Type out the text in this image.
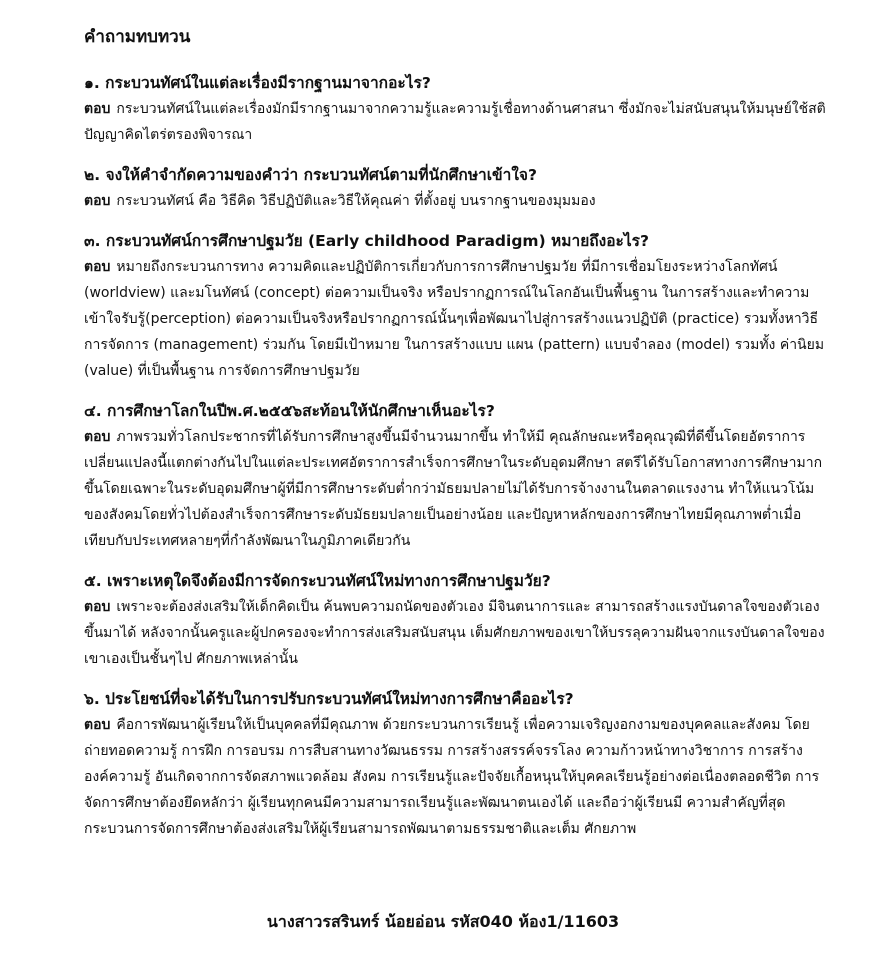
คำถามทบทวน

๑. กระบวนทัศน์ในแต่ละเรื่องมีรากฐานมาจากอะไร?

ตอบ กระบวนทัศน์ในแต่ละเรื่องมักมีรากฐานมาจากความรู้และความรู้เชื่อทางด้านศาสนา ซึ่งมักจะไม่สนับสนุนให้มนุษย์ใช้สติปัญญาคิดไตร่ตรองพิจารณา

๒. จงให้คำจำกัดความของคำว่า กระบวนทัศน์ตามที่นักศึกษาเข้าใจ?

ตอบ กระบวนทัศน์ คือ วิธีคิด วิธีปฏิบัติและวิธีให้คุณค่า ที่ตั้งอยู่ บนรากฐานของมุมมอง

๓. กระบวนทัศน์การศึกษาปฐมวัย (Early childhood Paradigm) หมายถึงอะไร?

ตอบ หมายถึงกระบวนการทาง ความคิดและปฏิบัติการเกี่ยวกับการการศึกษาปฐมวัย ที่มีการเชื่อมโยงระหว่างโลกทัศน์ (worldview) และมโนทัศน์ (concept) ต่อความเป็นจริง หรือปรากฏการณ์ในโลกอันเป็นพื้นฐาน ในการสร้างและทำความเข้าใจรับรู้(perception) ต่อความเป็นจริงหรือปรากฏการณ์นั้นๆเพื่อพัฒนาไปสู่การสร้างแนวปฏิบัติ (practice) รวมทั้งหาวิธีการจัดการ (management) ร่วมกัน โดยมีเป้าหมาย ในการสร้างแบบ แผน (pattern) แบบจำลอง (model) รวมทั้ง ค่านิยม (value) ที่เป็นพื้นฐาน การจัดการศึกษาปฐมวัย

๔. การศึกษาโลกในปีพ.ศ.๒๕๕๖สะท้อนให้นักศึกษาเห็นอะไร?

ตอบ ภาพรวมทั่วโลกประชากรที่ได้รับการศึกษาสูงขึ้นมีจำนวนมากขึ้น ทำให้มี คุณลักษณะหรือคุณวุฒิที่ดีขึ้นโดยอัตราการเปลี่ยนแปลงนี้แตกต่างกันไปในแต่ละประเทศอัตราการสำเร็จการศึกษาในระดับอุดมศึกษา สตรีได้รับโอกาสทางการศึกษามากขึ้นโดยเฉพาะในระดับอุดมศึกษาผู้ที่มีการศึกษาระดับต่ำกว่ามัธยมปลายไม่ได้รับการจ้างงานในตลาดแรงงาน ทำให้แนวโน้มของสังคมโดยทั่วไปต้องสำเร็จการศึกษาระดับมัธยมปลายเป็นอย่างน้อย และปัญหาหลักของการศึกษาไทยมีคุณภาพต่ำเมื่อเทียบกับประเทศหลายๆที่กำลังพัฒนาในภูมิภาคเดียวกัน

๕. เพราะเหตุใดจึงต้องมีการจัดกระบวนทัศน์ใหม่ทางการศึกษาปฐมวัย?

ตอบ เพราะจะต้องส่งเสริมให้เด็กคิดเป็น ค้นพบความถนัดของตัวเอง มีจินตนาการและ สามารถสร้างแรงบันดาลใจของตัวเองขึ้นมาได้ หลังจากนั้นครูและผู้ปกครองจะทำการส่งเสริมสนับสนุน เต็มศักยภาพของเขาให้บรรลุความฝันจากแรงบันดาลใจของเขาเองเป็นชั้นๆไป ศักยภาพเหล่านั้น

๖. ประโยชน์ที่จะได้รับในการปรับกระบวนทัศน์ใหม่ทางการศึกษาคืออะไร?

ตอบ คือการพัฒนาผู้เรียนให้เป็นบุคคลที่มีคุณภาพ ด้วยกระบวนการเรียนรู้ เพื่อความเจริญงอกงามของบุคคลและสังคม โดยถ่ายทอดความรู้ การฝึก การอบรม การสืบสานทางวัฒนธรรม การสร้างสรรค์จรรโลง ความก้าวหน้าทางวิชาการ การสร้างองค์ความรู้ อันเกิดจากการจัดสภาพแวดล้อม สังคม การเรียนรู้และปัจจัยเกื้อหนุนให้บุคคลเรียนรู้อย่างต่อเนื่องตลอดชีวิต การจัดการศึกษาต้องยึดหลักว่า ผู้เรียนทุกคนมีความสามารถเรียนรู้และพัฒนาตนเองได้ และถือว่าผู้เรียนมี ความสำคัญที่สุด กระบวนการจัดการศึกษาต้องส่งเสริมให้ผู้เรียนสามารถพัฒนาตามธรรมชาติและเต็ม ศักยภาพ

นางสาวรสรินทร์ น้อยอ่อน รหัส040 ห้อง1/11603
